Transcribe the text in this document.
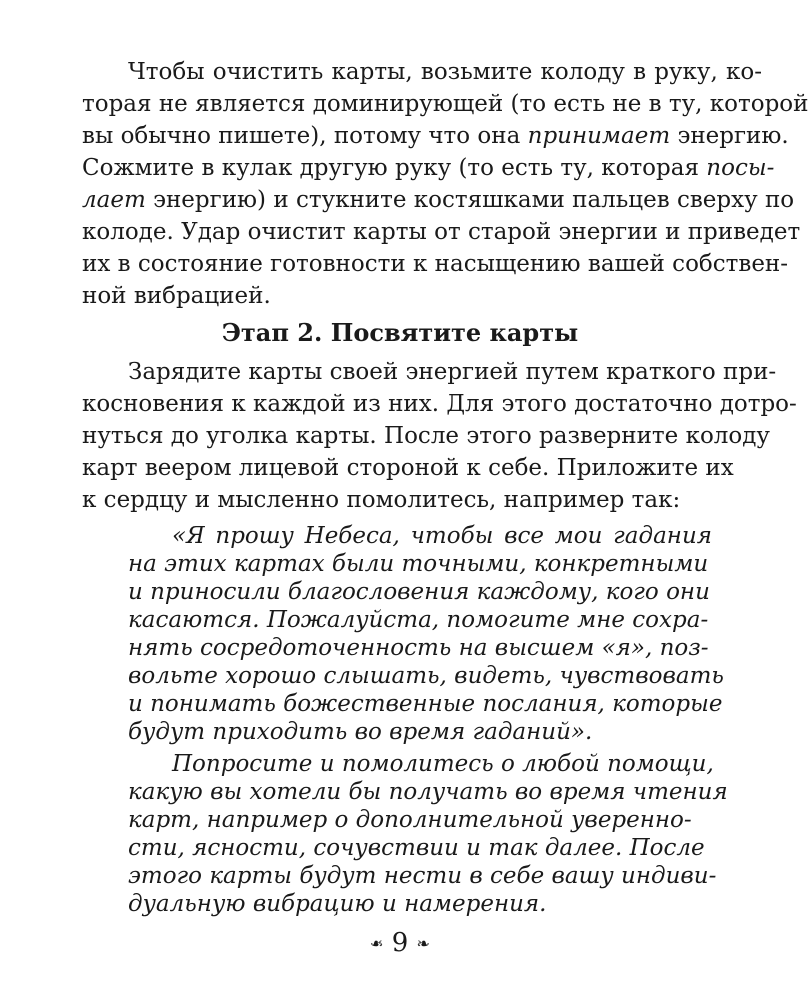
Чтобы очистить карты, возьмите колоду в руку, ко-
торая не является доминирующей (то есть не в ту, которой
вы обычно пишете), потому что она принимает энергию.
Сожмите в кулак другую руку (то есть ту, которая посы-
лает энергию) и стукните костяшками пальцев сверху по
колоде. Удар очистит карты от старой энергии и приведет
их в состояние готовности к насыщению вашей собствен-
ной вибрацией.
Этап 2. Посвятите карты
Зарядите карты своей энергией путем краткого при-
косновения к каждой из них. Для этого достаточно дотро-
нуться до уголка карты. После этого разверните колоду
карт веером лицевой стороной к себе. Приложите их
к сердцу и мысленно помолитесь, например так:
«Я прошу Небеса, чтобы все мои гадания
на этих картах были точными, конкретными
и приносили благословения каждому, кого они
касаются. Пожалуйста, помогите мне сохра-
нять сосредоточенность на высшем «я», поз-
вольте хорошо слышать, видеть, чувствовать
и понимать божественные послания, которые
будут приходить во время гаданий».
Попросите и помолитесь о любой помощи,
какую вы хотели бы получать во время чтения
карт, например о дополнительной уверенно-
сти, ясности, сочувствии и так далее. После
этого карты будут нести в себе вашу индиви-
дуальную вибрацию и намерения.
❧ 9 ❧
